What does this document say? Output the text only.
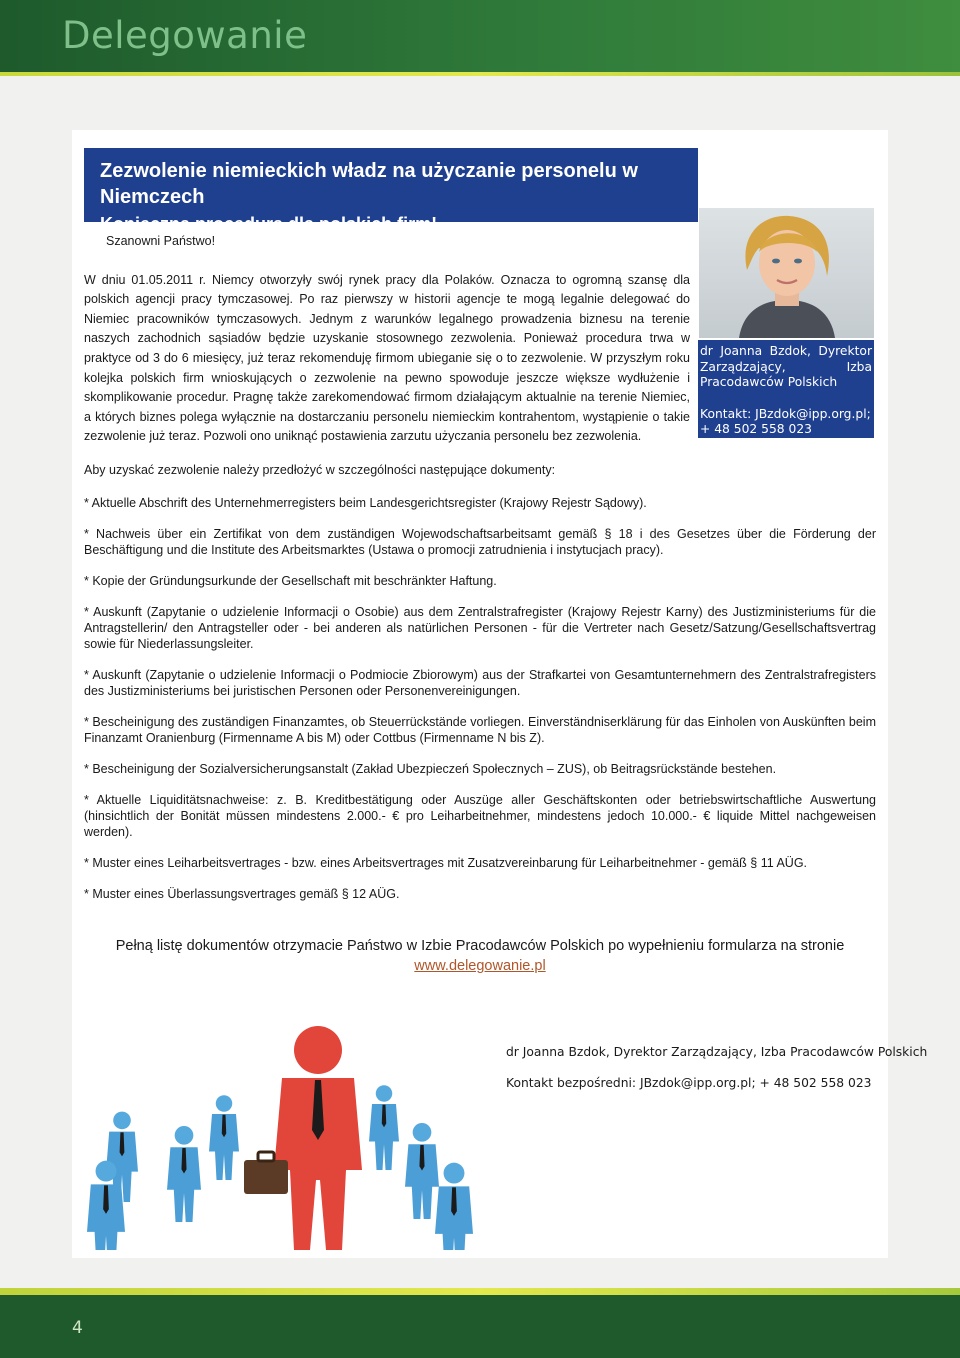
Delegowanie
Zezwolenie niemieckich władz na użyczanie personelu w Niemczech
Konieczna procedura dla polskich firm!
dr Joanna Bzdok, Dyrektor Zarządzający, Izba Pracodawców Polskich
Kontakt: JBzdok@ipp.org.pl; + 48 502 558 023
Szanowni Państwo!
W dniu 01.05.2011 r. Niemcy otworzyły swój rynek pracy dla Polaków. Oznacza to ogromną szansę dla polskich agencji pracy tymczasowej. Po raz pierwszy w historii agencje te mogą legalnie delegować do Niemiec pracowników tymczasowych. Jednym z warunków legalnego prowadzenia biznesu na terenie naszych zachodnich sąsiadów będzie uzyskanie stosownego zezwolenia. Ponieważ procedura trwa w praktyce od 3 do 6 miesięcy, już teraz rekomenduję firmom ubieganie się o to zezwolenie. W przyszłym roku kolejka polskich firm wnioskujących o zezwolenie na pewno spowoduje jeszcze większe wydłużenie i skomplikowanie procedur. Pragnę także zarekomendować firmom działającym aktualnie na terenie Niemiec, a których biznes polega wyłącznie na dostarczaniu personelu niemieckim kontrahentom, wystąpienie o takie zezwolenie już teraz. Pozwoli ono uniknąć postawienia zarzutu użyczania personelu bez zezwolenia.

Aby uzyskać zezwolenie należy przedłożyć w szczególności następujące dokumenty:

* Aktuelle Abschrift des Unternehmerregisters beim Landesgerichtsregister (Krajowy Rejestr Sądowy).

* Nachweis über ein Zertifikat von dem zuständigen Wojewodschaftsarbeitsamt gemäß § 18 i des Gesetzes über die Förderung der Beschäftigung und die Institute des Arbeitsmarktes (Ustawa o promocji zatrudnienia i instytucjach pracy).

* Kopie der Gründungsurkunde der Gesellschaft mit beschränkter Haftung.

* Auskunft (Zapytanie o udzielenie Informacji o Osobie) aus dem Zentralstrafregister (Krajowy Rejestr Karny) des Justizministeriums für die Antragstellerin/ den Antragsteller oder - bei anderen als natürlichen Personen - für die Vertreter nach Gesetz/Satzung/Gesellschaftsvertrag sowie für Niederlassungsleiter.

* Auskunft (Zapytanie o udzielenie Informacji o Podmiocie Zbiorowym) aus der Strafkartei von Gesamtunternehmern des Zentralstrafregisters des Justizministeriums bei juristischen Personen oder Personenvereinigungen.

* Bescheinigung des zuständigen Finanzamtes, ob Steuerrückstände vorliegen. Einverständniserklärung für das Einholen von Auskünften beim Finanzamt Oranienburg (Firmenname A bis M) oder Cottbus (Firmenname N bis Z).

* Bescheinigung der Sozialversicherungsanstalt (Zakład Ubezpieczeń Społecznych – ZUS), ob Beitragsrückstände bestehen.

* Aktuelle Liquiditätsnachweise: z. B. Kreditbestätigung oder Auszüge aller Geschäftskonten oder betriebswirtschaftliche Auswertung (hinsichtlich der Bonität müssen mindestens 2.000.- € pro Leiharbeitnehmer, mindestens jedoch 10.000.- € liquide Mittel nachgeweisen werden).

* Muster eines Leiharbeitsvertrages - bzw. eines Arbeitsvertrages mit Zusatzvereinbarung für Leiharbeitnehmer - gemäß § 11 AÜG.

* Muster eines Überlassungsvertrages gemäß § 12 AÜG.

Pełną listę dokumentów otrzymacie Państwo w Izbie Pracodawców Polskich po wypełnieniu formularza na stronie
www.delegowanie.pl
dr Joanna Bzdok, Dyrektor Zarządzający, Izba Pracodawców Polskich
Kontakt bezpośredni: JBzdok@ipp.org.pl; + 48 502 558 023
4
